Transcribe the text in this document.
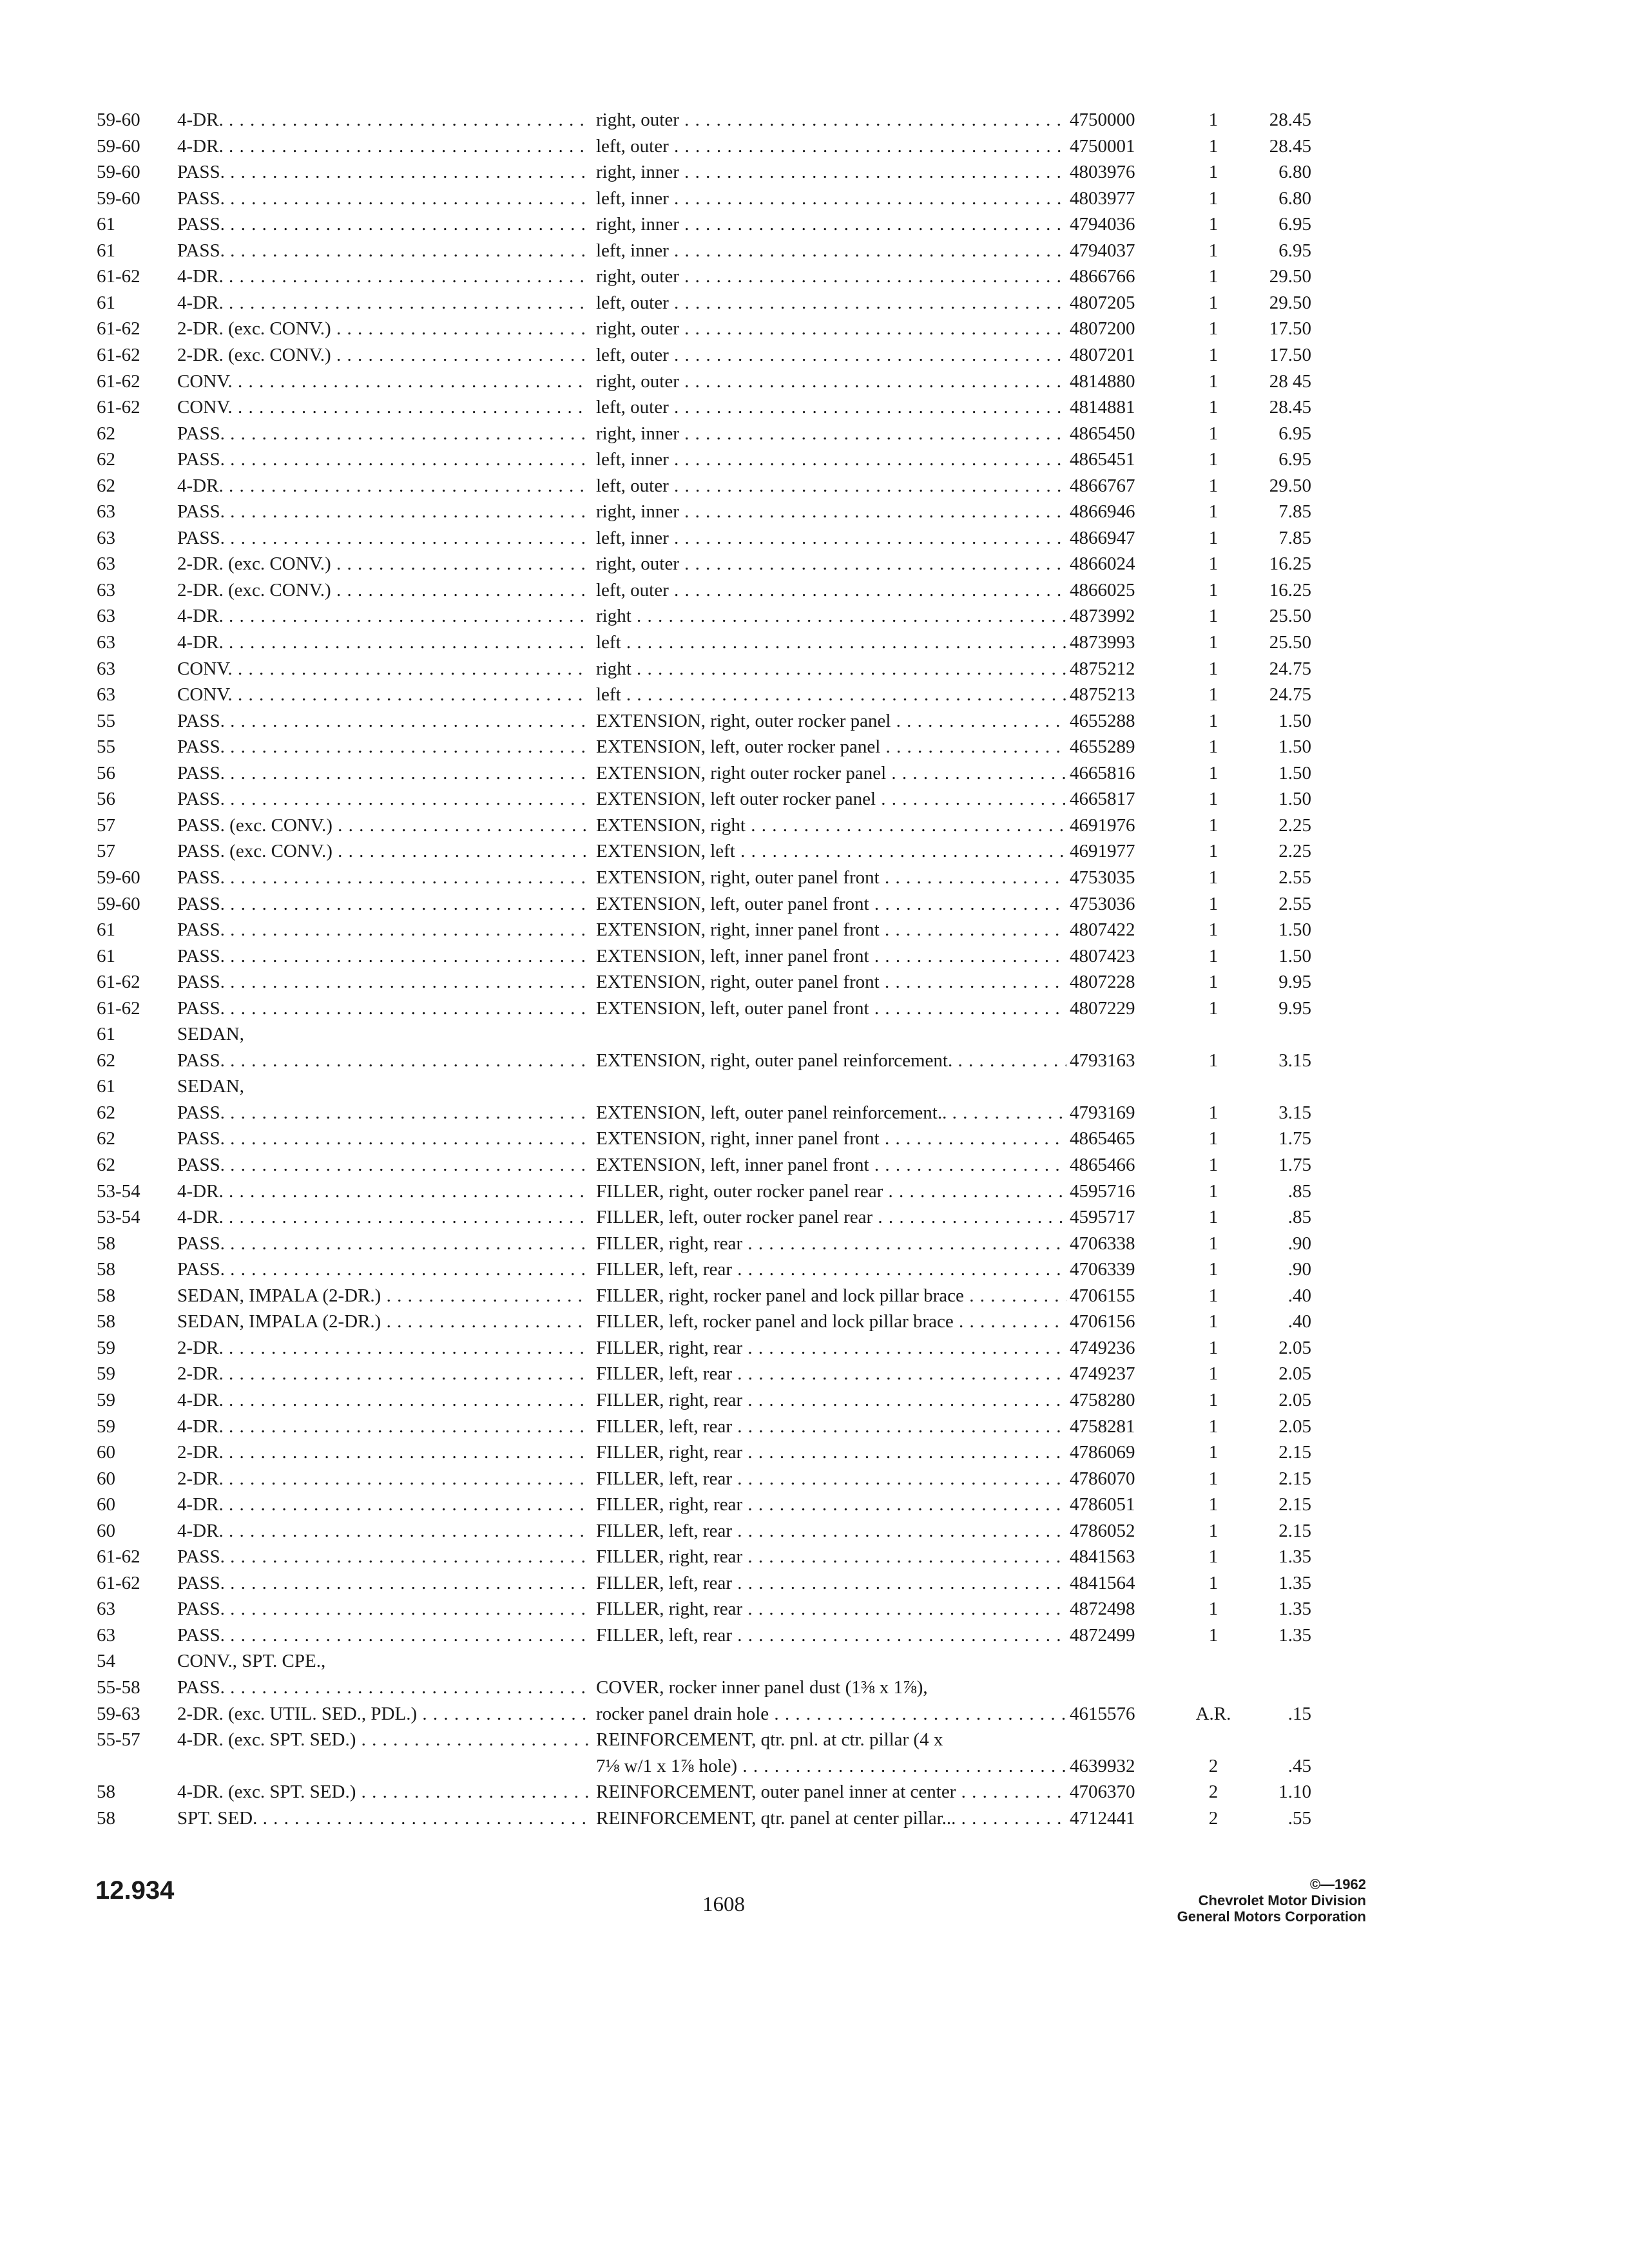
59-60	4-DR. . . .	right, outer . . .	4750000	1	28.45
59-60	4-DR. . . .	left, outer . . .	4750001	1	28.45
59-60	PASS. . . .	right, inner . . .	4803976	1	6.80
59-60	PASS. . . .	left, inner . . .	4803977	1	6.80
61	PASS. . . .	right, inner . . .	4794036	1	6.95
61	PASS. . . .	left, inner . . .	4794037	1	6.95
61-62	4-DR. . . .	right, outer . . .	4866766	1	29.50
61	4-DR. . . .	left, outer . . .	4807205	1	29.50
61-62	2-DR. (exc. CONV.) . . .	right, outer . . .	4807200	1	17.50
61-62	2-DR. (exc. CONV.) . . .	left, outer . . .	4807201	1	17.50
61-62	CONV. . . .	right, outer . . .	4814880	1	28 45
61-62	CONV. . . .	left, outer . . .	4814881	1	28.45
62	PASS. . . .	right, inner . . .	4865450	1	6.95
62	PASS. . . .	left, inner . . .	4865451	1	6.95
62	4-DR. . . .	left, outer . . .	4866767	1	29.50
63	PASS. . . .	right, inner . . .	4866946	1	7.85
63	PASS. . . .	left, inner . . .	4866947	1	7.85
63	2-DR. (exc. CONV.) . . .	right, outer . . .	4866024	1	16.25
63	2-DR. (exc. CONV.) . . .	left, outer . . .	4866025	1	16.25
63	4-DR. . . .	right . . .	4873992	1	25.50
63	4-DR. . . .	left . . .	4873993	1	25.50
63	CONV. . . .	right . . .	4875212	1	24.75
63	CONV. . . .	left . . .	4875213	1	24.75
55	PASS. . . .	EXTENSION, right, outer rocker panel . . .	4655288	1	1.50
55	PASS. . . .	EXTENSION, left, outer rocker panel . . .	4655289	1	1.50
56	PASS. . . .	EXTENSION, right outer rocker panel . . .	4665816	1	1.50
56	PASS. . . .	EXTENSION, left outer rocker panel . . .	4665817	1	1.50
57	PASS. (exc. CONV.) . . .	EXTENSION, right . . .	4691976	1	2.25
57	PASS. (exc. CONV.) . . .	EXTENSION, left . . .	4691977	1	2.25
59-60	PASS. . . .	EXTENSION, right, outer panel front . . .	4753035	1	2.55
59-60	PASS. . . .	EXTENSION, left, outer panel front . . .	4753036	1	2.55
61	PASS. . . .	EXTENSION, right, inner panel front . . .	4807422	1	1.50
61	PASS. . . .	EXTENSION, left, inner panel front . . .	4807423	1	1.50
61-62	PASS. . . .	EXTENSION, right, outer panel front . . .	4807228	1	9.95
61-62	PASS. . . .	EXTENSION, left, outer panel front . . .	4807229	1	9.95
61	SEDAN,
62	PASS. . . .	EXTENSION, right, outer panel reinforcement. . . .	4793163	1	3.15
61	SEDAN,
62	PASS. . . .	EXTENSION, left, outer panel reinforcement.. . . .	4793169	1	3.15
62	PASS. . . .	EXTENSION, right, inner panel front . . .	4865465	1	1.75
62	PASS. . . .	EXTENSION, left, inner panel front . . .	4865466	1	1.75
53-54	4-DR. . . .	FILLER, right, outer rocker panel rear . . .	4595716	1	.85
53-54	4-DR. . . .	FILLER, left, outer rocker panel rear . . .	4595717	1	.85
58	PASS. . . .	FILLER, right, rear . . .	4706338	1	.90
58	PASS. . . .	FILLER, left, rear . . .	4706339	1	.90
58	SEDAN, IMPALA (2-DR.) . . .	FILLER, right, rocker panel and lock pillar brace . . .	4706155	1	.40
58	SEDAN, IMPALA (2-DR.) . . .	FILLER, left, rocker panel and lock pillar brace . . .	4706156	1	.40
59	2-DR. . . .	FILLER, right, rear . . .	4749236	1	2.05
59	2-DR. . . .	FILLER, left, rear . . .	4749237	1	2.05
59	4-DR. . . .	FILLER, right, rear . . .	4758280	1	2.05
59	4-DR. . . .	FILLER, left, rear . . .	4758281	1	2.05
60	2-DR. . . .	FILLER, right, rear . . .	4786069	1	2.15
60	2-DR. . . .	FILLER, left, rear . . .	4786070	1	2.15
60	4-DR. . . .	FILLER, right, rear . . .	4786051	1	2.15
60	4-DR. . . .	FILLER, left, rear . . .	4786052	1	2.15
61-62	PASS. . . .	FILLER, right, rear . . .	4841563	1	1.35
61-62	PASS. . . .	FILLER, left, rear . . .	4841564	1	1.35
63	PASS. . . .	FILLER, right, rear . . .	4872498	1	1.35
63	PASS. . . .	FILLER, left, rear . . .	4872499	1	1.35
54	CONV., SPT. CPE.,
55-58	PASS. . . .	COVER, rocker inner panel dust (1⅜ x 1⅞),
59-63	2-DR. (exc. UTIL. SED., PDL.) . . .	rocker panel drain hole . . .	4615576	A.R.	.15
55-57	4-DR. (exc. SPT. SED.) . . .	REINFORCEMENT, qtr. pnl. at ctr. pillar (4 x
7⅛ w/1 x 1⅞ hole) . . .	4639932	2	.45
58	4-DR. (exc. SPT. SED.) . . .	REINFORCEMENT, outer panel inner at center . . .	4706370	2	1.10
58	SPT. SED. . . .	REINFORCEMENT, qtr. panel at center pillar... . . .	4712441	2	.55
12.934	1608
©—1962
Chevrolet Motor Division
General Motors Corporation
